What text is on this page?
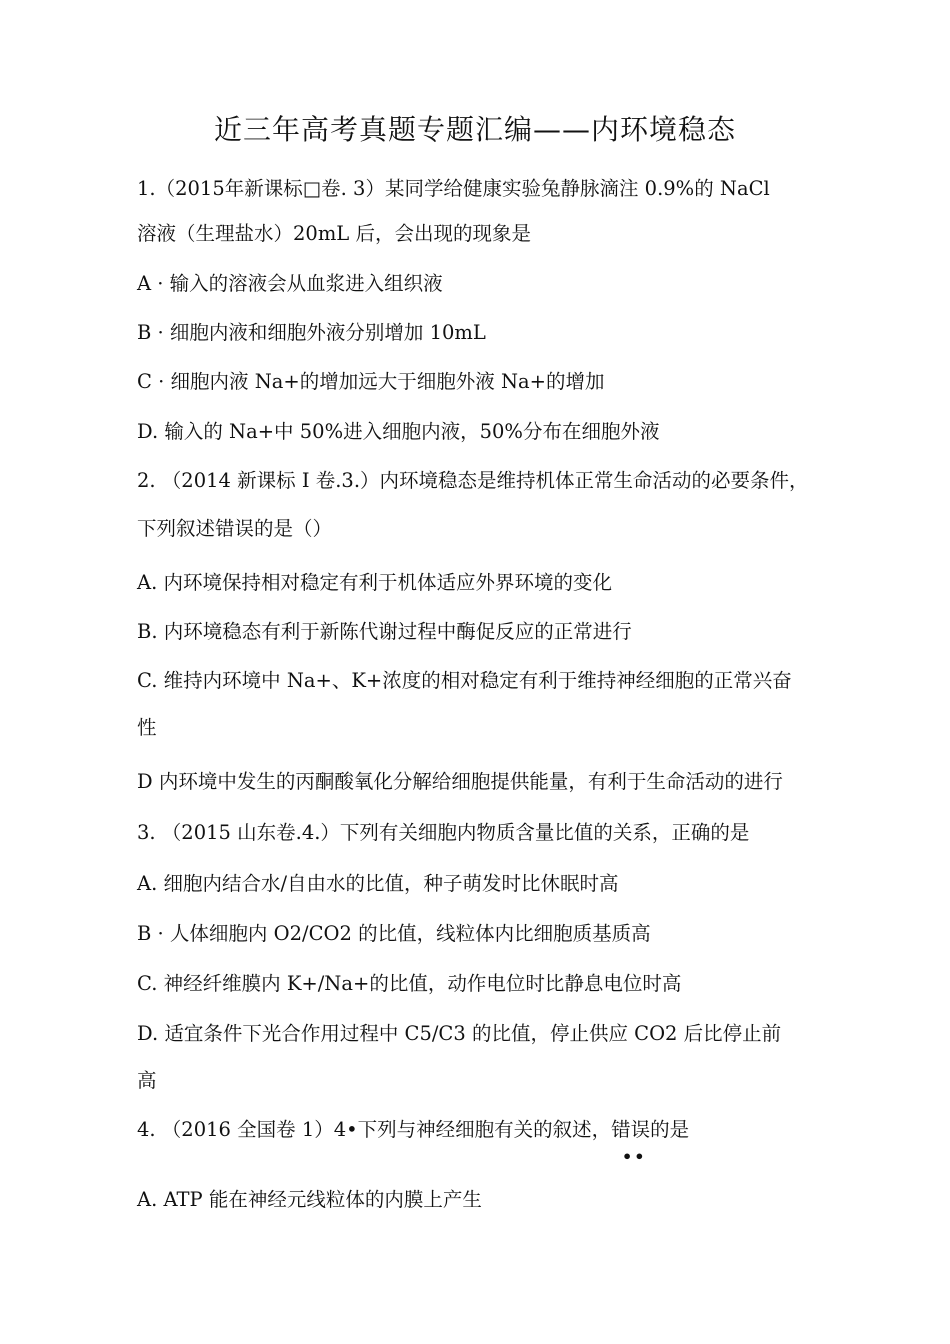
近三年高考真题专题汇编——内环境稳态
1.（2015年新课标□卷. 3）某同学给健康实验兔静脉滴注 0.9%的 NaCl
溶液（生理盐水）20mL 后，会出现的现象是
A · 输入的溶液会从血浆进入组织液
B · 细胞内液和细胞外液分别增加 10mL
C · 细胞内液 Na+的增加远大于细胞外液 Na+的增加
D. 输入的 Na+中 50%进入细胞内液，50%分布在细胞外液
2. （2014 新课标 I 卷.3.）内环境稳态是维持机体正常生命活动的必要条件，
下列叙述错误的是（）
A. 内环境保持相对稳定有利于机体适应外界环境的变化
B. 内环境稳态有利于新陈代谢过程中酶促反应的正常进行
C. 维持内环境中 Na+、K+浓度的相对稳定有利于维持神经细胞的正常兴奋
性
D 内环境中发生的丙酮酸氧化分解给细胞提供能量，有利于生命活动的进行
3. （2015 山东卷.4.）下列有关细胞内物质含量比值的关系，正确的是
A. 细胞内结合水/自由水的比值，种子萌发时比休眠时高
B · 人体细胞内 O2/CO2 的比值，线粒体内比细胞质基质高
C. 神经纤维膜内 K+/Na+的比值，动作电位时比静息电位时高
D. 适宜条件下光合作用过程中 C5/C3 的比值，停止供应 CO2 后比停止前
高
4. （2016 全国卷 1）4•下列与神经细胞有关的叙述，错误的是
••
A. ATP 能在神经元线粒体的内膜上产生
